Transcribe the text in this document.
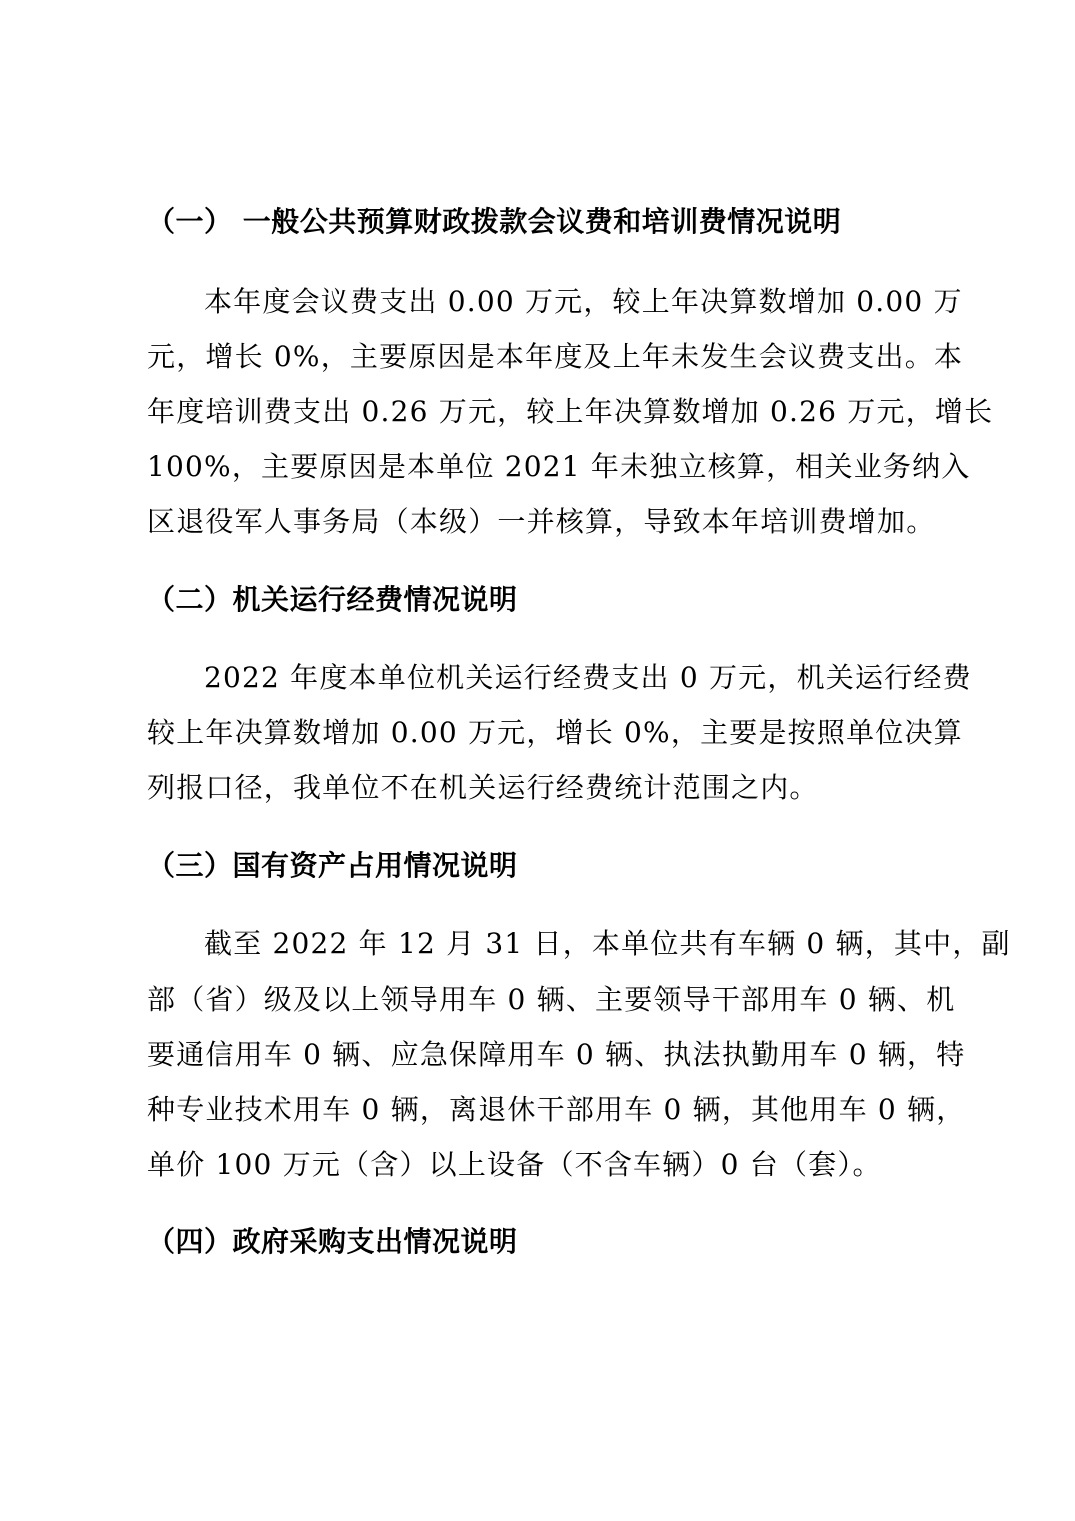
（一） 一般公共预算财政拨款会议费和培训费情况说明

本年度会议费支出 0.00 万元，较上年决算数增加 0.00 万

元，增长 0%，主要原因是本年度及上年未发生会议费支出。本

年度培训费支出 0.26 万元，较上年决算数增加 0.26 万元，增长

100%，主要原因是本单位 2021 年未独立核算，相关业务纳入

区退役军人事务局（本级）一并核算，导致本年培训费增加。

（二）机关运行经费情况说明

2022 年度本单位机关运行经费支出 0 万元，机关运行经费

较上年决算数增加 0.00 万元，增长 0%，主要是按照单位决算

列报口径，我单位不在机关运行经费统计范围之内。

（三）国有资产占用情况说明

截至 2022 年 12 月 31 日，本单位共有车辆 0 辆，其中，副

部（省）级及以上领导用车 0 辆、主要领导干部用车 0 辆、机

要通信用车 0 辆、应急保障用车 0 辆、执法执勤用车 0 辆，特

种专业技术用车 0 辆，离退休干部用车 0 辆，其他用车 0 辆，

单价 100 万元（含）以上设备（不含车辆）0 台（套）。

（四）政府采购支出情况说明
